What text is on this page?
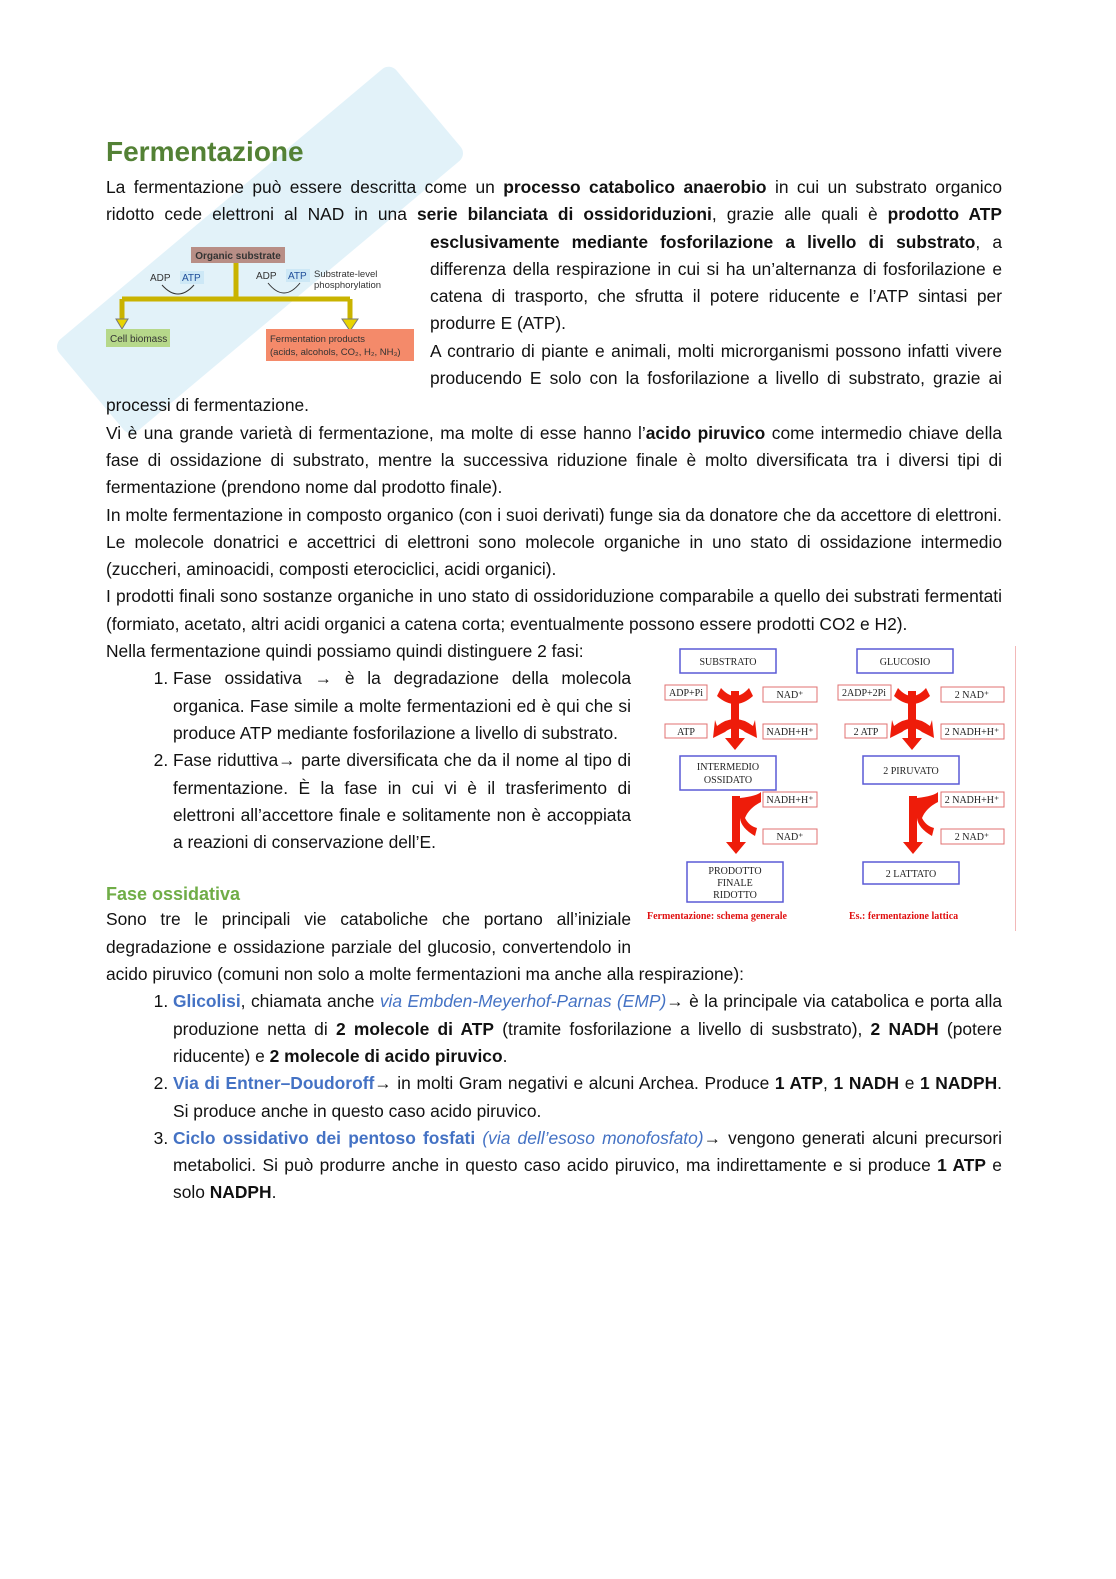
Fermentazione

La fermentazione può essere descritta come un processo catabolico anaerobio in cui un substrato organico ridotto cede elettroni al NAD in una serie bilanciata di ossidoriduzioni, grazie alle quali è prodotto ATP esclusivamente mediante fosforilazione a livello di substrato
Organic substrate
ADP ATP	ADP ATP Substrate-level
phosphorylation
Cell biomass	Fermentation products
(acids, alcohols, CO₂, H₂, NH₃)
, a differenza della respirazione in cui si ha un’alternanza di fosforilazione e catena di trasporto, che sfrutta il potere riducente e l’ATP sintasi per produrre E (ATP).

A contrario di piante e animali, molti microrganismi possono infatti vivere producendo E solo con la fosforilazione a livello di substrato, grazie ai processi di fermentazione.

Vi è una grande varietà di fermentazione, ma molte di esse hanno l’acido piruvico come intermedio chiave della fase di ossidazione di substrato, mentre la successiva riduzione finale è molto diversificata tra i diversi tipi di fermentazione (prendono nome dal prodotto finale).

In molte fermentazione in composto organico (con i suoi derivati) funge sia da donatore che da accettore di elettroni. Le molecole donatrici e accettrici di elettroni sono molecole organiche in uno stato di ossidazione intermedio (zuccheri, aminoacidi, composti eterociclici, acidi organici).

I prodotti finali sono sostanze organiche in uno stato di ossidoriduzione comparabile a quello dei substrati fermentati (formiato, acetato, altri acidi organici a catena corta; eventualmente possono
SUBSTRATO
ADP+Pi
ATP
NAD⁺
NADH+H⁺
INTERMEDIO
OSSIDATO
NADH+H⁺
NAD⁺
PRODOTTO
FINALE
RIDOTTO
GLUCOSIO
2ADP+2Pi
2 ATP
2 NAD⁺
2 NADH+H⁺
2 PIRUVATO
2 NADH+H⁺
2 NAD⁺
2 LATTATO
Fermentazione: schema generale	Es.: fermentazione lattica
essere prodotti CO2 e H2).

Nella fermentazione quindi possiamo quindi distinguere 2 fasi:

1. Fase ossidativa → è la degradazione della molecola organica. Fase simile a molte fermentazioni ed è qui che si produce ATP mediante fosforilazione a livello di substrato.
2. Fase riduttiva→ parte diversificata che da il nome al tipo di fermentazione. È la fase in cui vi è il trasferimento di elettroni all’accettore finale e solitamente non è accoppiata a reazioni di conservazione dell’E.
Fase ossidativa

Sono tre le principali vie cataboliche che portano all’iniziale degradazione e ossidazione parziale del glucosio, convertendolo in acido piruvico (comuni non solo a molte fermentazioni ma anche alla respirazione):

1. Glicolisi, chiamata anche via Embden-Meyerhof-Parnas (EMP)→ è la principale via catabolica e porta alla produzione netta di 2 molecole di ATP (tramite fosforilazione a livello di susbstrato), 2 NADH (potere riducente) e 2 molecole di acido piruvico.
2. Via di Entner–Doudoroff→ in molti Gram negativi e alcuni Archea. Produce 1 ATP, 1 NADH e 1 NADPH. Si produce anche in questo caso acido piruvico.
3. Ciclo ossidativo dei pentoso fosfati (via dell’esoso monofosfato)→ vengono generati alcuni precursori metabolici. Si può produrre anche in questo caso acido piruvico, ma indirettamente e si produce 1 ATP e solo NADPH.
